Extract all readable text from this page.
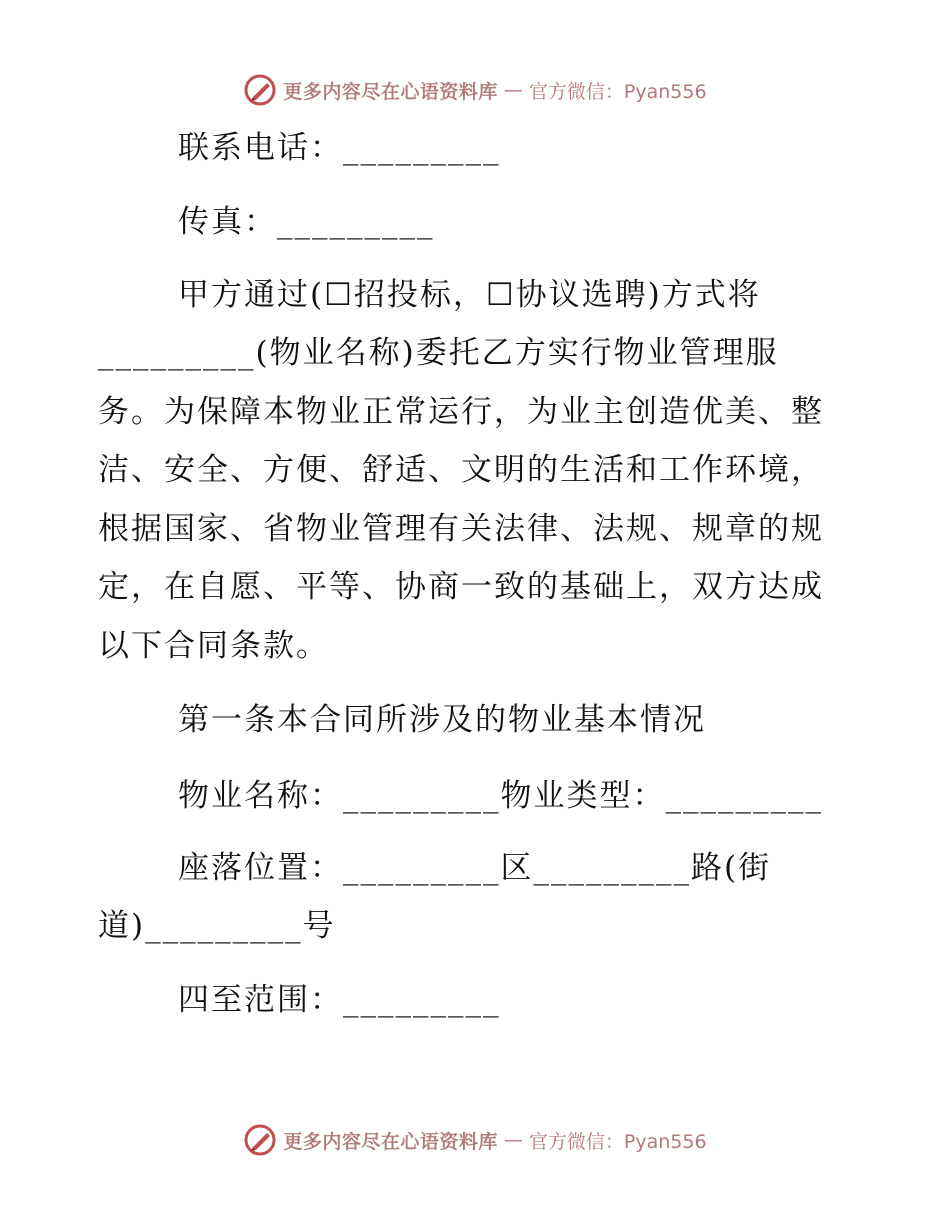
更多内容尽在心语资料库 — 官方微信：Pyan556
联系电话：_________
传真：_________
甲方通过(☐招投标，☐协议选聘)方式将
_________(物业名称)委托乙方实行物业管理服
务。为保障本物业正常运行，为业主创造优美、整
洁、安全、方便、舒适、文明的生活和工作环境，
根据国家、省物业管理有关法律、法规、规章的规
定，在自愿、平等、协商一致的基础上，双方达成
以下合同条款。
第一条本合同所涉及的物业基本情况
物业名称：_________物业类型：_________
座落位置：_________区_________路(街
道)_________号
四至范围：_________
更多内容尽在心语资料库 — 官方微信：Pyan556
